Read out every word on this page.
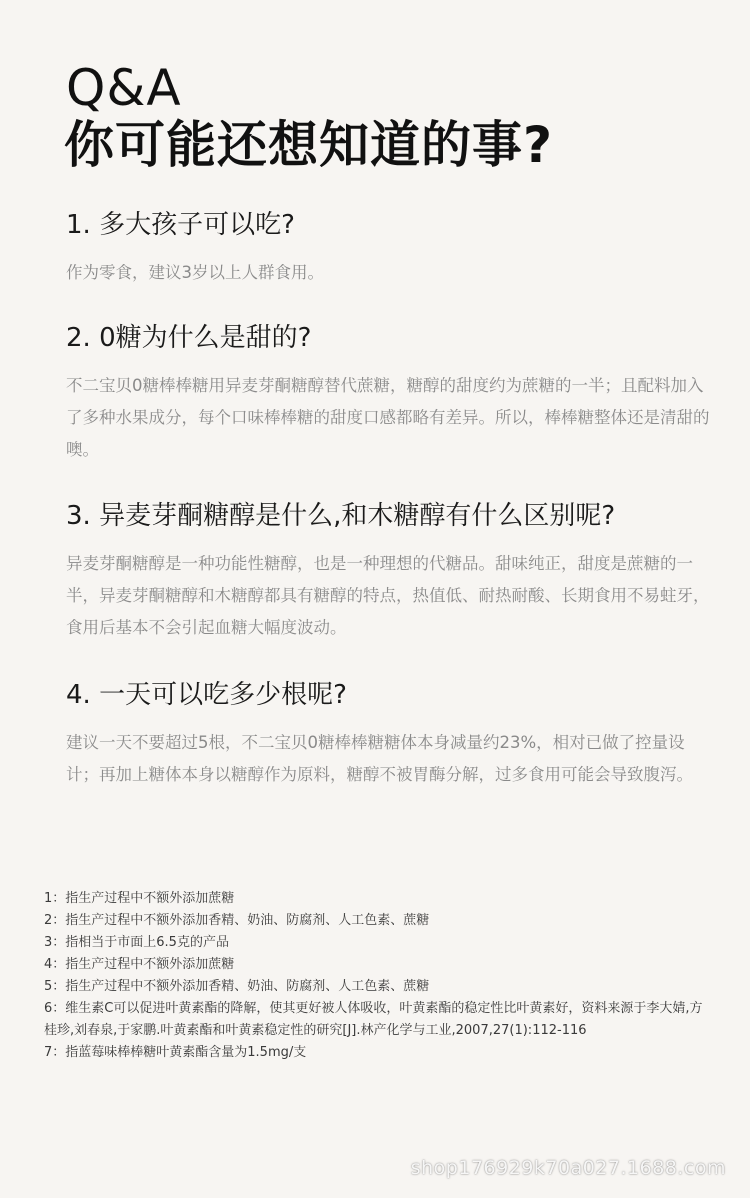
Q&A
你可能还想知道的事?
1. 多大孩子可以吃?

作为零食，建议3岁以上人群食用。

2. 0糖为什么是甜的?

不二宝贝0糖棒棒糖用异麦芽酮糖醇替代蔗糖，糖醇的甜度约为蔗糖的一半；且配料加入了多种水果成分，每个口味棒棒糖的甜度口感都略有差异。所以，棒棒糖整体还是清甜的噢。

3. 异麦芽酮糖醇是什么,和木糖醇有什么区别呢?

异麦芽酮糖醇是一种功能性糖醇，也是一种理想的代糖品。甜味纯正，甜度是蔗糖的一半，异麦芽酮糖醇和木糖醇都具有糖醇的特点，热值低、耐热耐酸、长期食用不易蛀牙，食用后基本不会引起血糖大幅度波动。

4. 一天可以吃多少根呢?

建议一天不要超过5根，不二宝贝0糖棒棒糖糖体本身减量约23%，相对已做了控量设计；再加上糖体本身以糖醇作为原料，糖醇不被胃酶分解，过多食用可能会导致腹泻。

1：指生产过程中不额外添加蔗糖
2：指生产过程中不额外添加香精、奶油、防腐剂、人工色素、蔗糖
3：指相当于市面上6.5克的产品
4：指生产过程中不额外添加蔗糖
5：指生产过程中不额外添加香精、奶油、防腐剂、人工色素、蔗糖
6：维生素C可以促进叶黄素酯的降解，使其更好被人体吸收，叶黄素酯的稳定性比叶黄素好，资料来源于李大婧,方桂珍,刘春泉,于家鹏.叶黄素酯和叶黄素稳定性的研究[J].林产化学与工业,2007,27(1):112-116
7：指蓝莓味棒棒糖叶黄素酯含量为1.5mg/支
shop176929k70a027.1688.com
